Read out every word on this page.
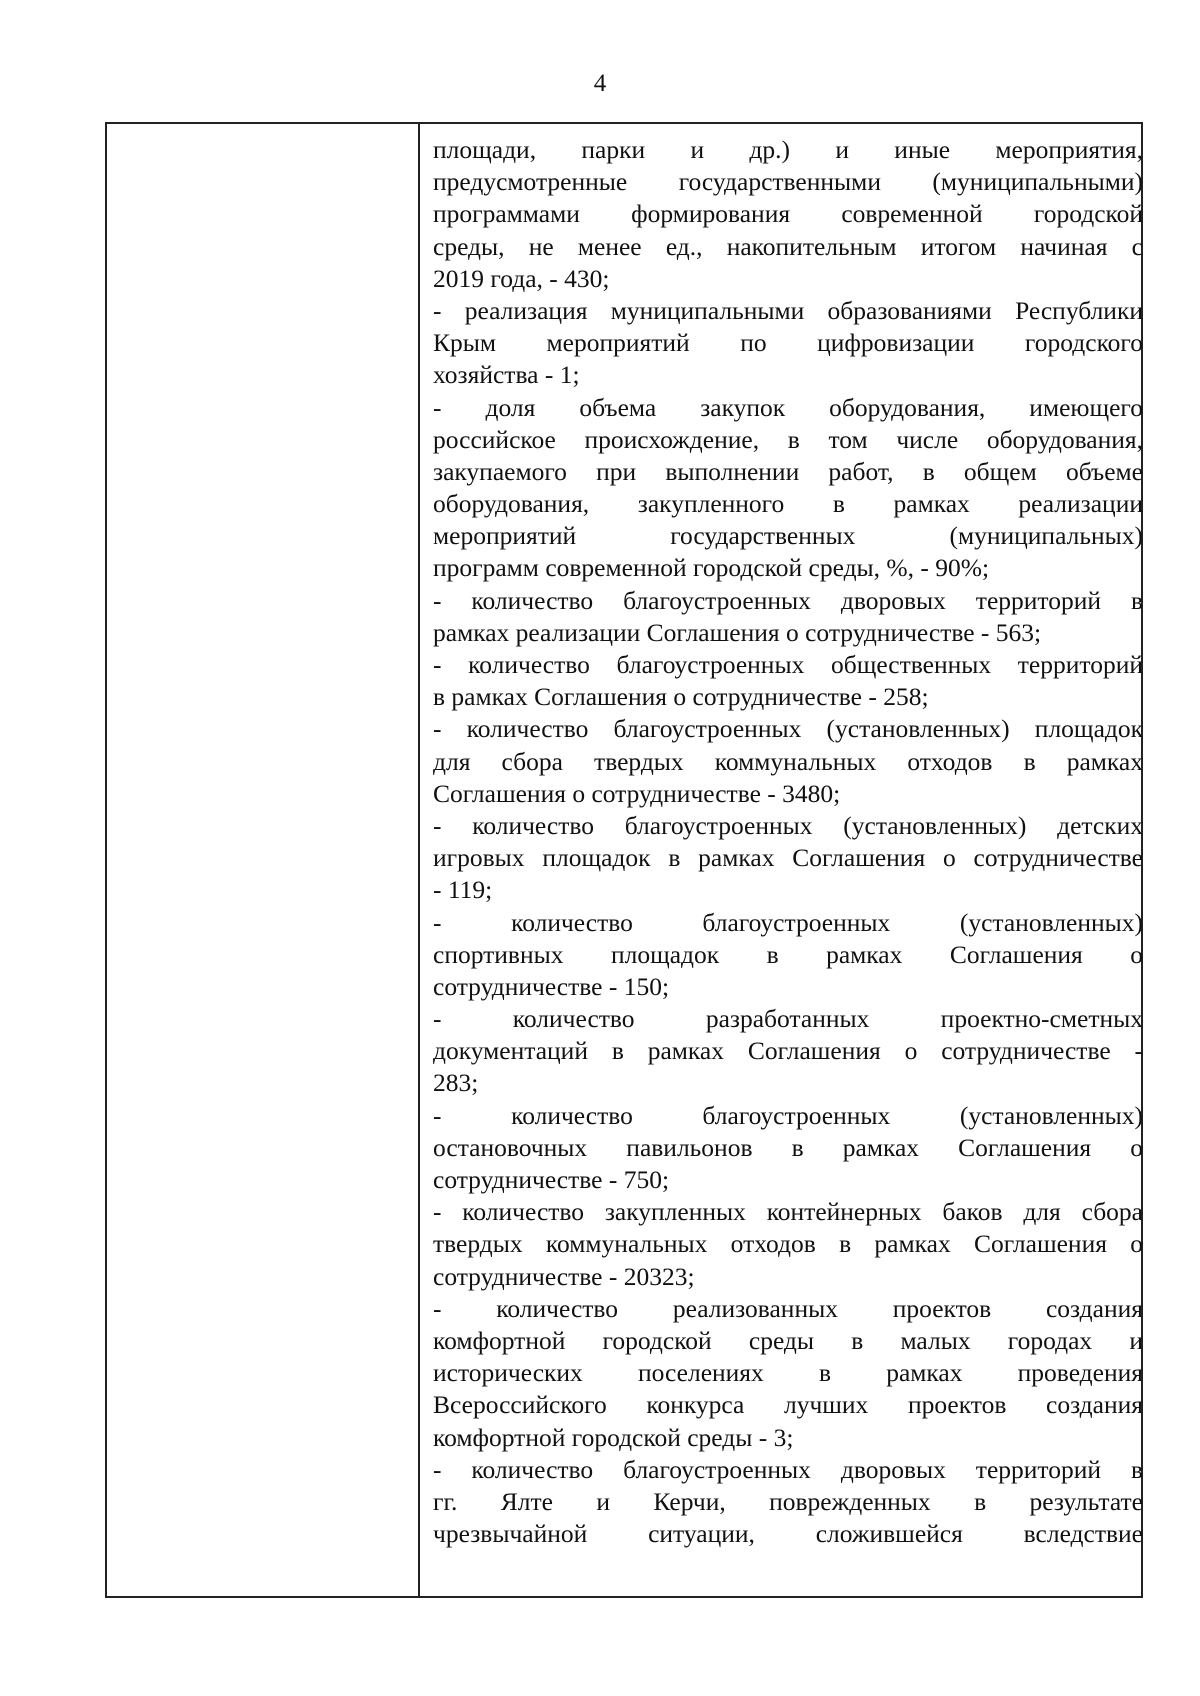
4
площади, парки и др.) и иные мероприятия,
предусмотренные государственными (муниципальными)
программами формирования современной городской
среды, не менее ед., накопительным итогом начиная с
2019 года, - 430;
- реализация муниципальными образованиями Республики
Крым мероприятий по цифровизации городского
хозяйства - 1;
- доля объема закупок оборудования, имеющего
российское происхождение, в том числе оборудования,
закупаемого при выполнении работ, в общем объеме
оборудования, закупленного в рамках реализации
мероприятий государственных (муниципальных)
программ современной городской среды, %, - 90%;
- количество благоустроенных дворовых территорий в
рамках реализации Соглашения о сотрудничестве - 563;
- количество благоустроенных общественных территорий
в рамках Соглашения о сотрудничестве - 258;
- количество благоустроенных (установленных) площадок
для сбора твердых коммунальных отходов в рамках
Соглашения о сотрудничестве - 3480;
- количество благоустроенных (установленных) детских
игровых площадок в рамках Соглашения о сотрудничестве
- 119;
- количество благоустроенных (установленных)
спортивных площадок в рамках Соглашения о
сотрудничестве - 150;
- количество разработанных проектно-сметных
документаций в рамках Соглашения о сотрудничестве -
283;
- количество благоустроенных (установленных)
остановочных павильонов в рамках Соглашения о
сотрудничестве - 750;
- количество закупленных контейнерных баков для сбора
твердых коммунальных отходов в рамках Соглашения о
сотрудничестве - 20323;
- количество реализованных проектов создания
комфортной городской среды в малых городах и
исторических поселениях в рамках проведения
Всероссийского конкурса лучших проектов создания
комфортной городской среды - 3;
- количество благоустроенных дворовых территорий в
гг. Ялте и Керчи, поврежденных в результате
чрезвычайной ситуации, сложившейся вследствие
